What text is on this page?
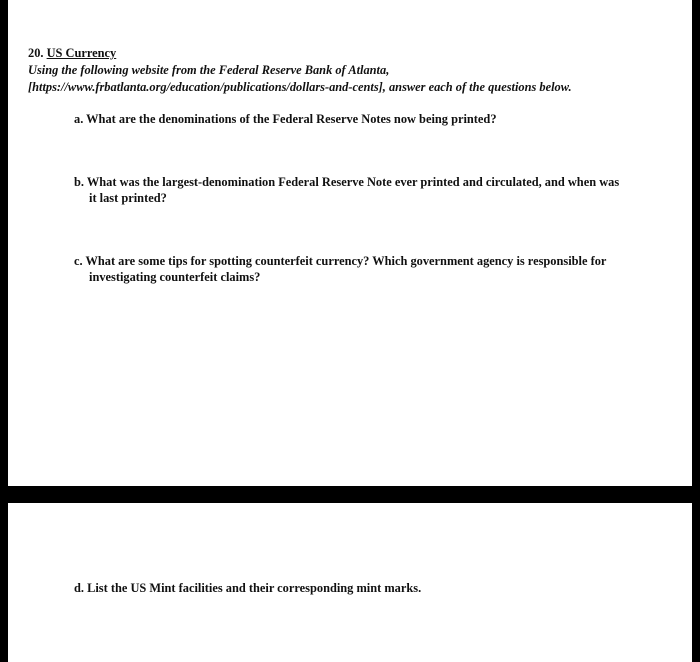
20. US Currency
Using the following website from the Federal Reserve Bank of Atlanta,
[https://www.frbatlanta.org/education/publications/dollars-and-cents], answer each of the questions below.
a. What are the denominations of the Federal Reserve Notes now being printed?
b. What was the largest-denomination Federal Reserve Note ever printed and circulated, and when was
it last printed?
c. What are some tips for spotting counterfeit currency? Which government agency is responsible for
investigating counterfeit claims?
d. List the US Mint facilities and their corresponding mint marks.
